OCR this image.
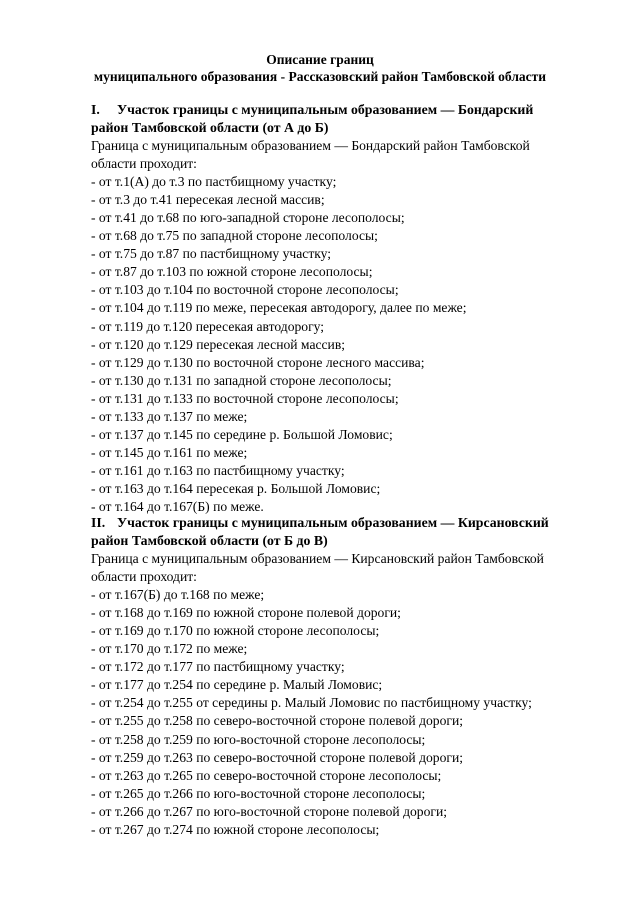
Описание границ
муниципального образования - Рассказовский район Тамбовской области
I. Участок границы с муниципальным образованием — Бондарский
район Тамбовской области (от А до Б)
Граница с муниципальным образованием — Бондарский район Тамбовской
области проходит:
- от т.1(А) до т.3 по пастбищному участку;
- от т.3 до т.41 пересекая лесной массив;
- от т.41 до т.68 по юго-западной стороне лесополосы;
- от т.68 до т.75 по западной стороне лесополосы;
- от т.75 до т.87 по пастбищному участку;
- от т.87 до т.103 по южной стороне лесополосы;
- от т.103 до т.104 по восточной стороне лесополосы;
- от т.104 до т.119 по меже, пересекая автодорогу, далее по меже;
- от т.119 до т.120 пересекая автодорогу;
- от т.120 до т.129 пересекая лесной массив;
- от т.129 до т.130 по восточной стороне лесного массива;
- от т.130 до т.131 по западной стороне лесополосы;
- от т.131 до т.133 по восточной стороне лесополосы;
- от т.133 до т.137 по меже;
- от т.137 до т.145 по середине р. Большой Ломовис;
- от т.145 до т.161 по меже;
- от т.161 до т.163 по пастбищному участку;
- от т.163 до т.164 пересекая р. Большой Ломовис;
- от т.164 до т.167(Б) по меже.
II. Участок границы с муниципальным образованием — Кирсановский
район Тамбовской области (от Б до В)
Граница с муниципальным образованием — Кирсановский район Тамбовской
области проходит:
- от т.167(Б) до т.168 по меже;
- от т.168 до т.169 по южной стороне полевой дороги;
- от т.169 до т.170 по южной стороне лесополосы;
- от т.170 до т.172 по меже;
- от т.172 до т.177 по пастбищному участку;
- от т.177 до т.254 по середине р. Малый Ломовис;
- от т.254 до т.255 от середины р. Малый Ломовис по пастбищному участку;
- от т.255 до т.258 по северо-восточной стороне полевой дороги;
- от т.258 до т.259 по юго-восточной стороне лесополосы;
- от т.259 до т.263 по северо-восточной стороне полевой дороги;
- от т.263 до т.265 по северо-восточной стороне лесополосы;
- от т.265 до т.266 по юго-восточной стороне лесополосы;
- от т.266 до т.267 по юго-восточной стороне полевой дороги;
- от т.267 до т.274 по южной стороне лесополосы;
